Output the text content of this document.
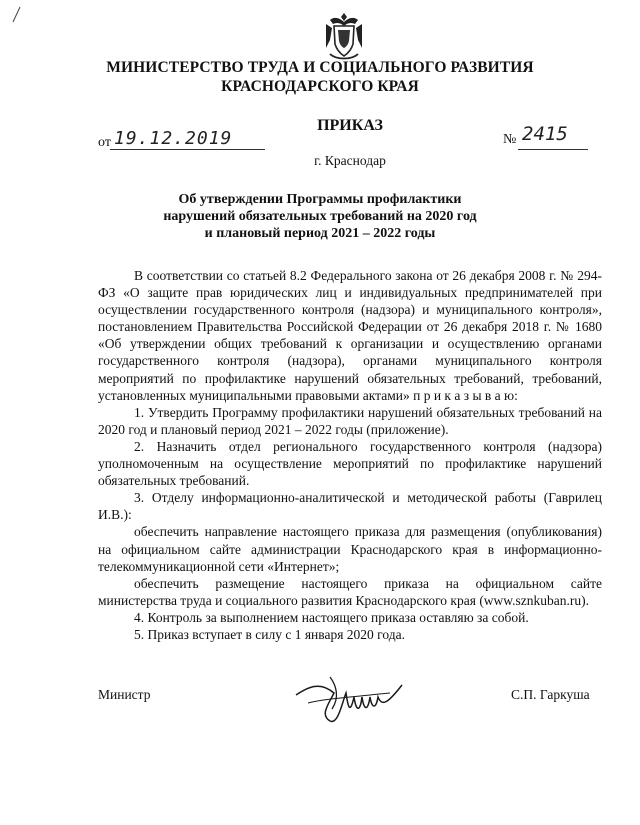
МИНИСТЕРСТВО ТРУДА И СОЦИАЛЬНОГО РАЗВИТИЯ
КРАСНОДАРСКОГО КРАЯ
ПРИКАЗ
от 19.12.2019	№ 2415
г. Краснодар
Об утверждении Программы профилактики
нарушений обязательных требований на 2020 год
и плановый период 2021 – 2022 годы

В соответствии со статьей 8.2 Федерального закона от 26 декабря 2008 г. № 294-ФЗ «О защите прав юридических лиц и индивидуальных предпринимателей при осуществлении государственного контроля (надзора) и муниципального контроля», постановлением Правительства Российской Федерации от 26 декабря 2018 г. № 1680 «Об утверждении общих требований к организации и осуществлению органами государственного контроля (надзора), органами муниципального контроля мероприятий по профилактике нарушений обязательных требований, требований, установленных муниципальными правовыми актами» п р и к а з ы в а ю:

1. Утвердить Программу профилактики нарушений обязательных требований на 2020 год и плановый период 2021 – 2022 годы (приложение).

2. Назначить отдел регионального государственного контроля (надзора) уполномоченным на осуществление мероприятий по профилактике нарушений обязательных требований.

3. Отделу информационно-аналитической и методической работы (Гаврилец И.В.):

обеспечить направление настоящего приказа для размещения (опубликования) на официальном сайте администрации Краснодарского края в информационно-телекоммуникационной сети «Интернет»;

обеспечить размещение настоящего приказа на официальном сайте министерства труда и социального развития Краснодарского края (www.sznkuban.ru).

4. Контроль за выполнением настоящего приказа оставляю за собой.

5. Приказ вступает в силу с 1 января 2020 года.

Министр	С.П. Гаркуша
